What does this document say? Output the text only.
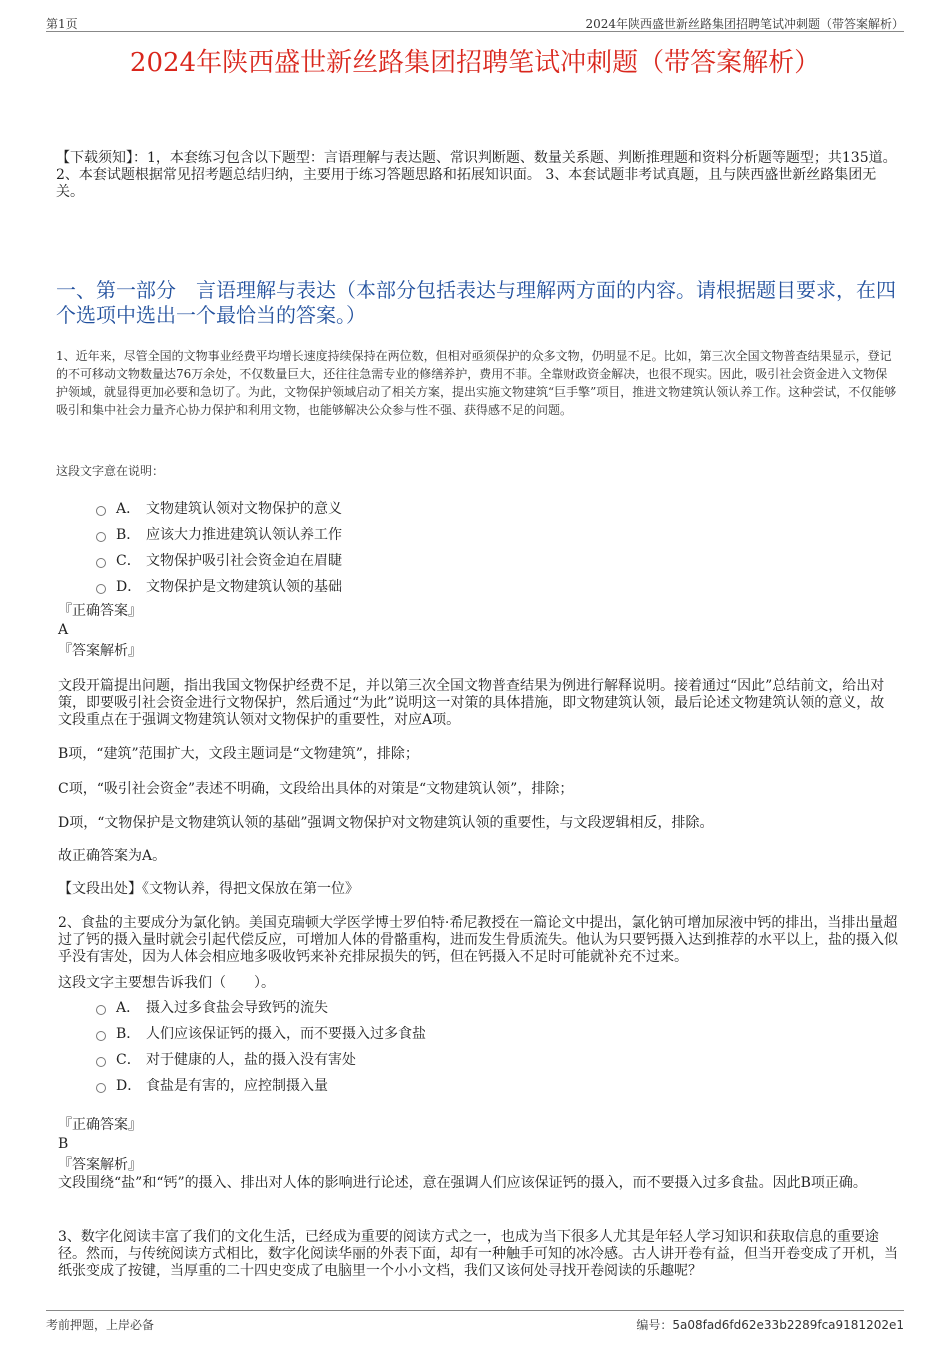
第1页	2024年陕西盛世新丝路集团招聘笔试冲刺题（带答案解析）
2024年陕西盛世新丝路集团招聘笔试冲刺题（带答案解析）
【下载须知】：1，本套练习包含以下题型：言语理解与表达题、常识判断题、数量关系题、判断推理题和资料分析题等题型；共135道。 2、本套试题根据常见招考题总结归纳，主要用于练习答题思路和拓展知识面。 3、本套试题非考试真题，且与陕西盛世新丝路集团无关。
一、第一部分　言语理解与表达（本部分包括表达与理解两方面的内容。请根据题目要求，在四个选项中选出一个最恰当的答案。）
1、近年来，尽管全国的文物事业经费平均增长速度持续保持在两位数，但相对亟须保护的众多文物，仍明显不足。比如，第三次全国文物普查结果显示，登记的不可移动文物数量达76万余处，不仅数量巨大，还往往急需专业的修缮养护，费用不菲。全靠财政资金解决，也很不现实。因此，吸引社会资金进入文物保护领域，就显得更加必要和急切了。为此，文物保护领域启动了相关方案，提出实施文物建筑“巨手擎”项目，推进文物建筑认领认养工作。这种尝试，不仅能够吸引和集中社会力量齐心协力保护和利用文物，也能够解决公众参与性不强、获得感不足的问题。
这段文字意在说明：
A． 文物建筑认领对文物保护的意义
B． 应该大力推进建筑认领认养工作
C． 文物保护吸引社会资金迫在眉睫
D． 文物保护是文物建筑认领的基础
『正确答案』
A
『答案解析』
文段开篇提出问题，指出我国文物保护经费不足，并以第三次全国文物普查结果为例进行解释说明。接着通过“因此”总结前文，给出对策，即要吸引社会资金进行文物保护，然后通过“为此”说明这一对策的具体措施，即文物建筑认领，最后论述文物建筑认领的意义，故文段重点在于强调文物建筑认领对文物保护的重要性，对应A项。
B项，“建筑”范围扩大，文段主题词是“文物建筑”，排除；
C项，“吸引社会资金”表述不明确，文段给出具体的对策是“文物建筑认领”，排除；
D项，“文物保护是文物建筑认领的基础”强调文物保护对文物建筑认领的重要性，与文段逻辑相反，排除。
故正确答案为A。
【文段出处】《文物认养，得把文保放在第一位》
2、食盐的主要成分为氯化钠。美国克瑞顿大学医学博士罗伯特·希尼教授在一篇论文中提出，氯化钠可增加尿液中钙的排出，当排出量超过了钙的摄入量时就会引起代偿反应，可增加人体的骨骼重构，进而发生骨质流失。他认为只要钙摄入达到推荐的水平以上，盐的摄入似乎没有害处，因为人体会相应地多吸收钙来补充排尿损失的钙，但在钙摄入不足时可能就补充不过来。
这段文字主要想告诉我们（　　）。
A． 摄入过多食盐会导致钙的流失
B． 人们应该保证钙的摄入，而不要摄入过多食盐
C． 对于健康的人，盐的摄入没有害处
D． 食盐是有害的，应控制摄入量
『正确答案』
B
『答案解析』
文段围绕“盐”和“钙”的摄入、排出对人体的影响进行论述，意在强调人们应该保证钙的摄入，而不要摄入过多食盐。因此B项正确。
3、数字化阅读丰富了我们的文化生活，已经成为重要的阅读方式之一，也成为当下很多人尤其是年轻人学习知识和获取信息的重要途径。然而，与传统阅读方式相比，数字化阅读华丽的外表下面，却有一种触手可知的冰冷感。古人讲开卷有益，但当开卷变成了开机，当纸张变成了按键，当厚重的二十四史变成了电脑里一个小小文档，我们又该何处寻找开卷阅读的乐趣呢？
考前押题，上岸必备	编号：5a08fad6fd62e33b2289fca9181202e1
